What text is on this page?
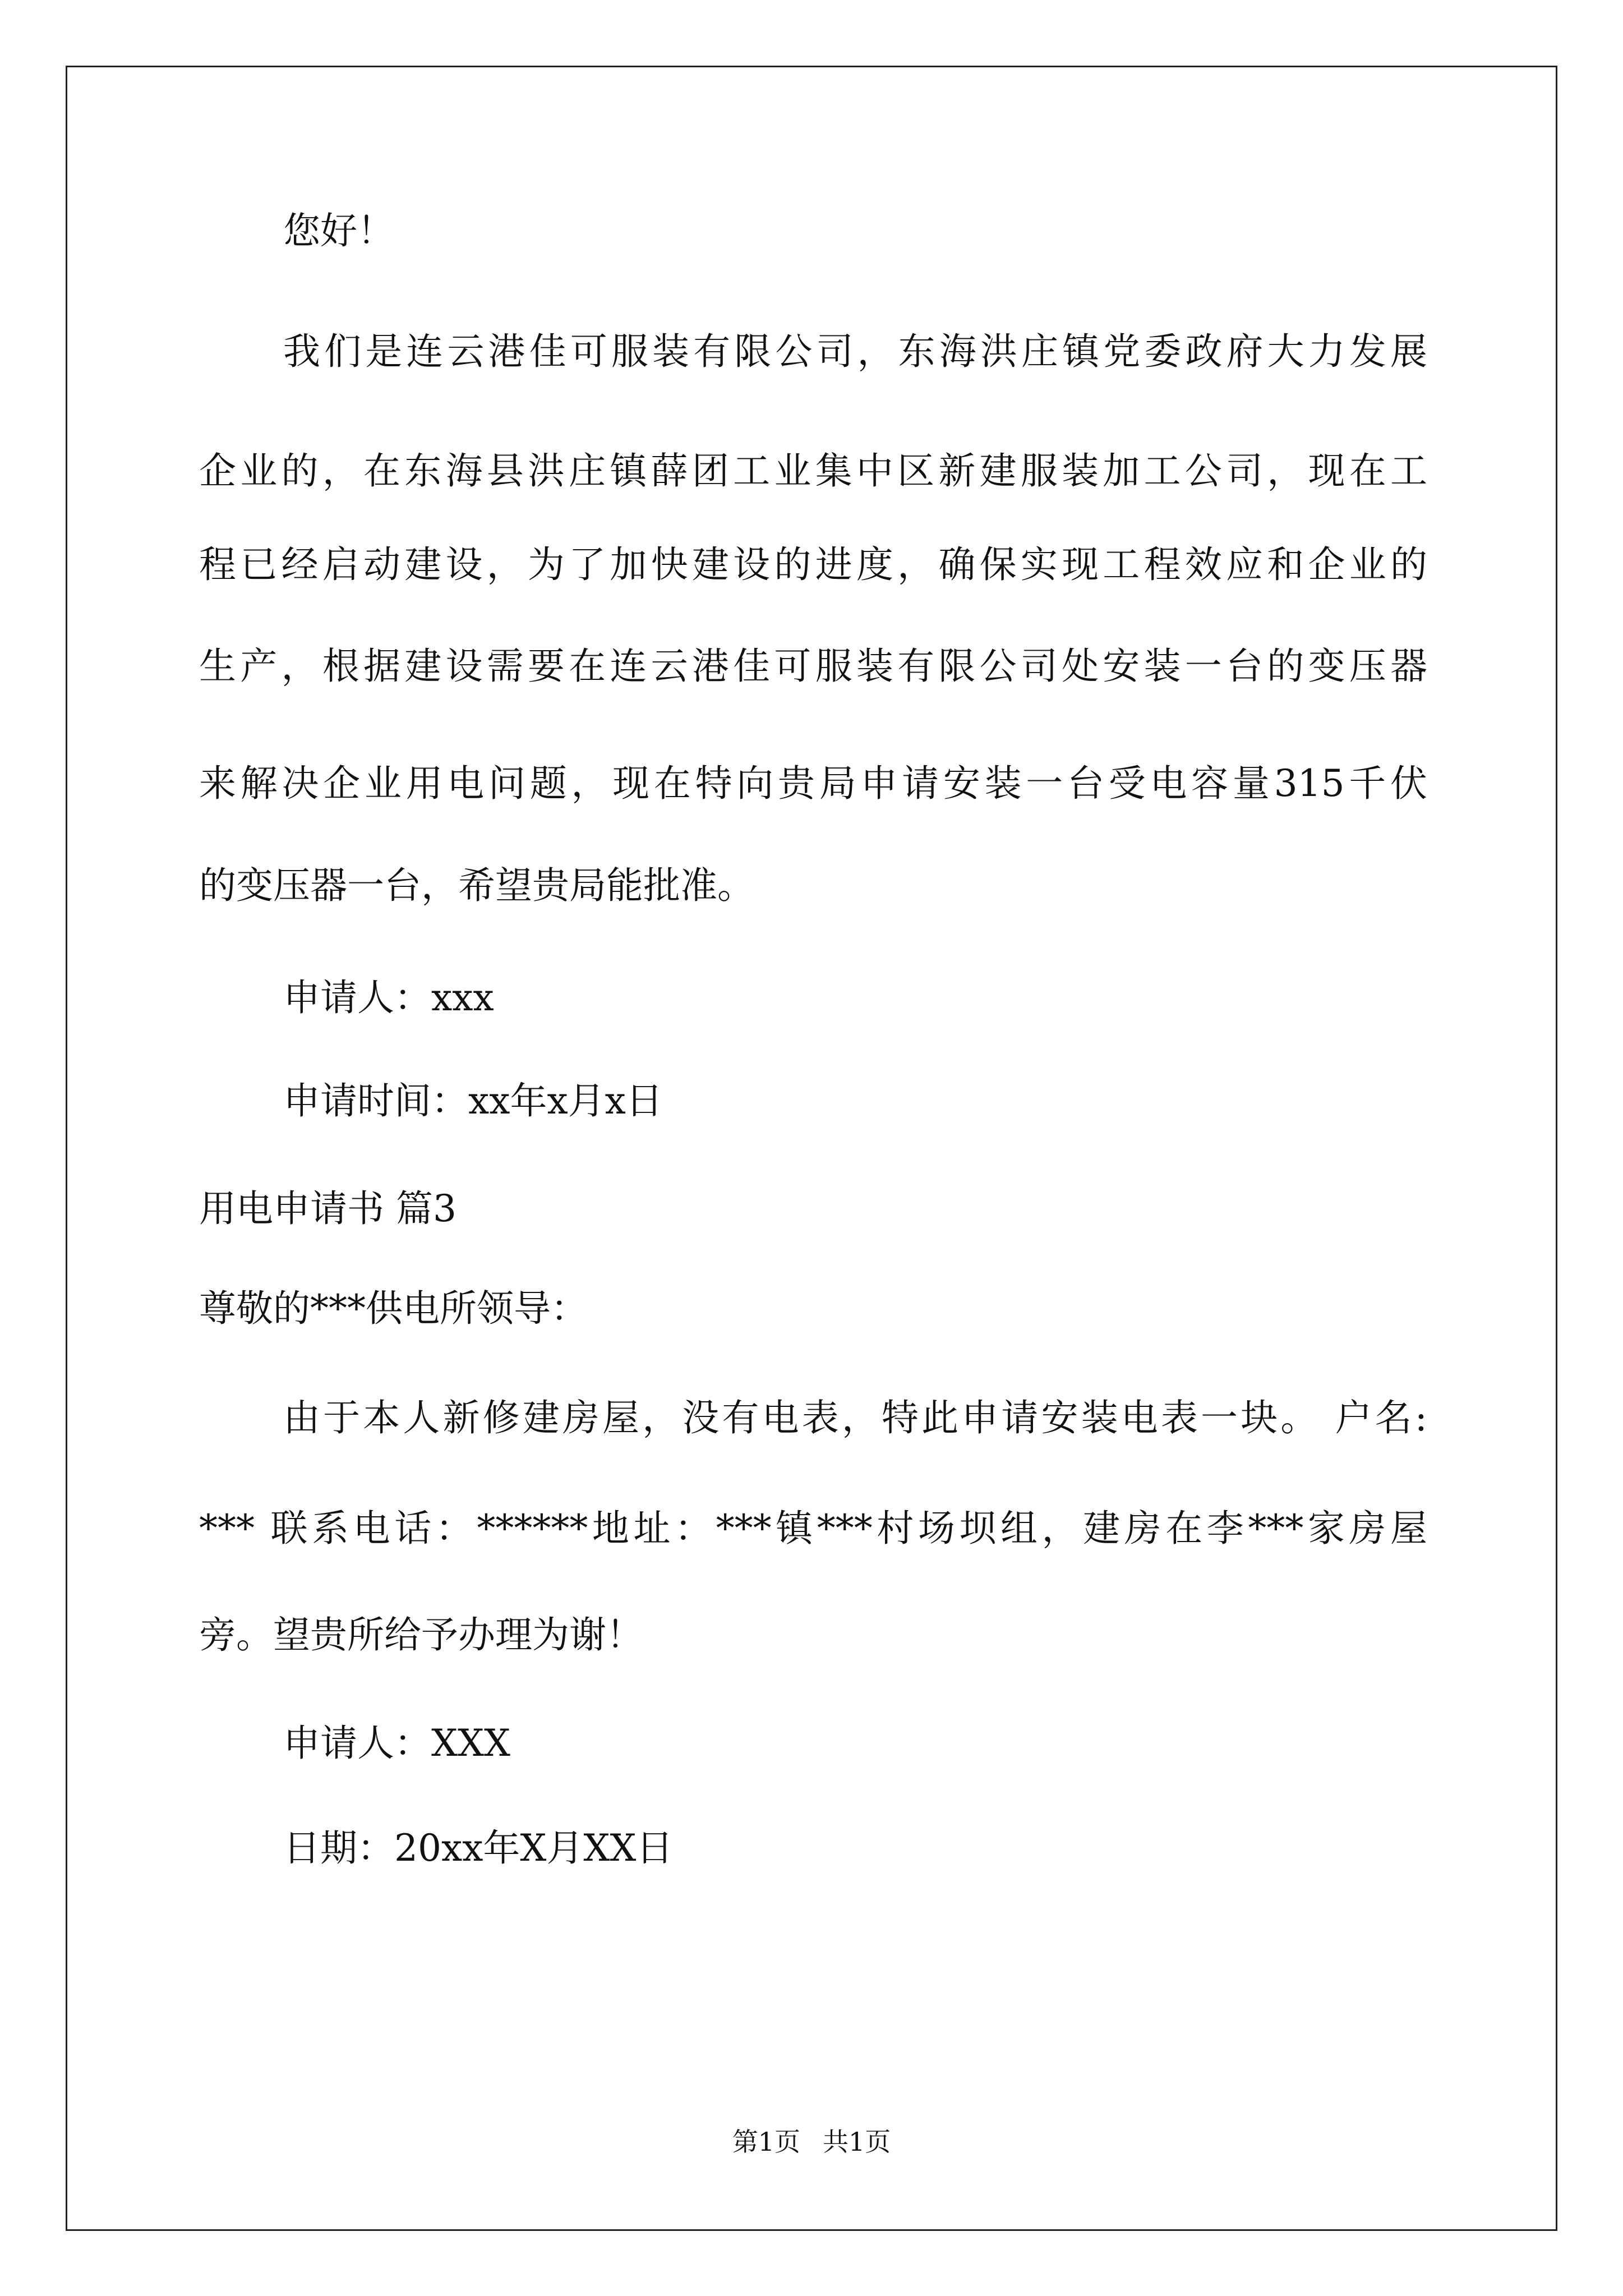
您好！
我们是连云港佳可服装有限公司，东海洪庄镇党委政府大力发展
企业的，在东海县洪庄镇薛团工业集中区新建服装加工公司，现在工
程已经启动建设，为了加快建设的进度，确保实现工程效应和企业的
生产，根据建设需要在连云港佳可服装有限公司处安装一台的变压器
来解决企业用电问题，现在特向贵局申请安装一台受电容量315千伏
的变压器一台，希望贵局能批准。
申请人：xxx
申请时间：xx年x月x日
用电申请书 篇3
尊敬的***供电所领导：
由于本人新修建房屋，没有电表，特此申请安装电表一块。 户名:
*** 联系电话：******地址：***镇***村场坝组，建房在李***家房屋
旁。望贵所给予办理为谢！
申请人：XXX
日期：20xx年X月XX日
第1页 共1页
